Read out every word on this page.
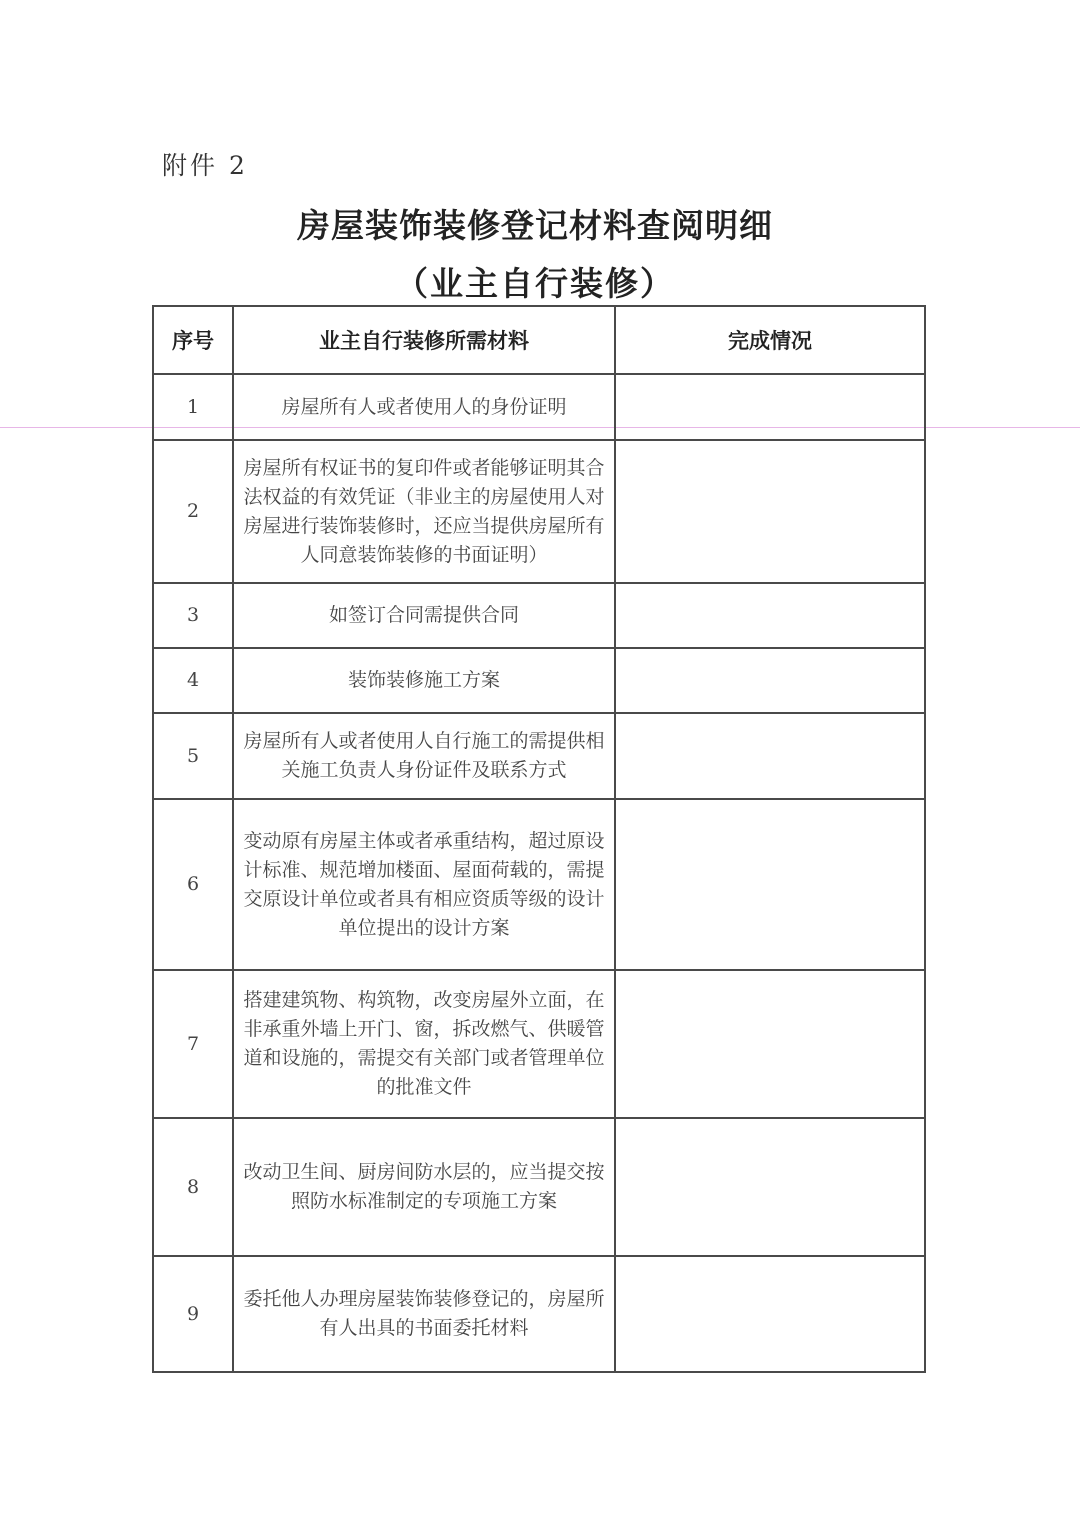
附件 2
房屋装饰装修登记材料查阅明细
（业主自行装修）
序号	业主自行装修所需材料	完成情况
1	房屋所有人或者使用人的身份证明	
2	房屋所有权证书的复印件或者能够证明其合法权益的有效凭证（非业主的房屋使用人对房屋进行装饰装修时，还应当提供房屋所有人同意装饰装修的书面证明）	
3	如签订合同需提供合同	
4	装饰装修施工方案	
5	房屋所有人或者使用人自行施工的需提供相关施工负责人身份证件及联系方式	
6	变动原有房屋主体或者承重结构，超过原设计标准、规范增加楼面、屋面荷载的，需提交原设计单位或者具有相应资质等级的设计单位提出的设计方案	
7	搭建建筑物、构筑物，改变房屋外立面，在非承重外墙上开门、窗，拆改燃气、供暖管道和设施的，需提交有关部门或者管理单位的批准文件	
8	改动卫生间、厨房间防水层的，应当提交按照防水标准制定的专项施工方案	
9	委托他人办理房屋装饰装修登记的，房屋所有人出具的书面委托材料	
